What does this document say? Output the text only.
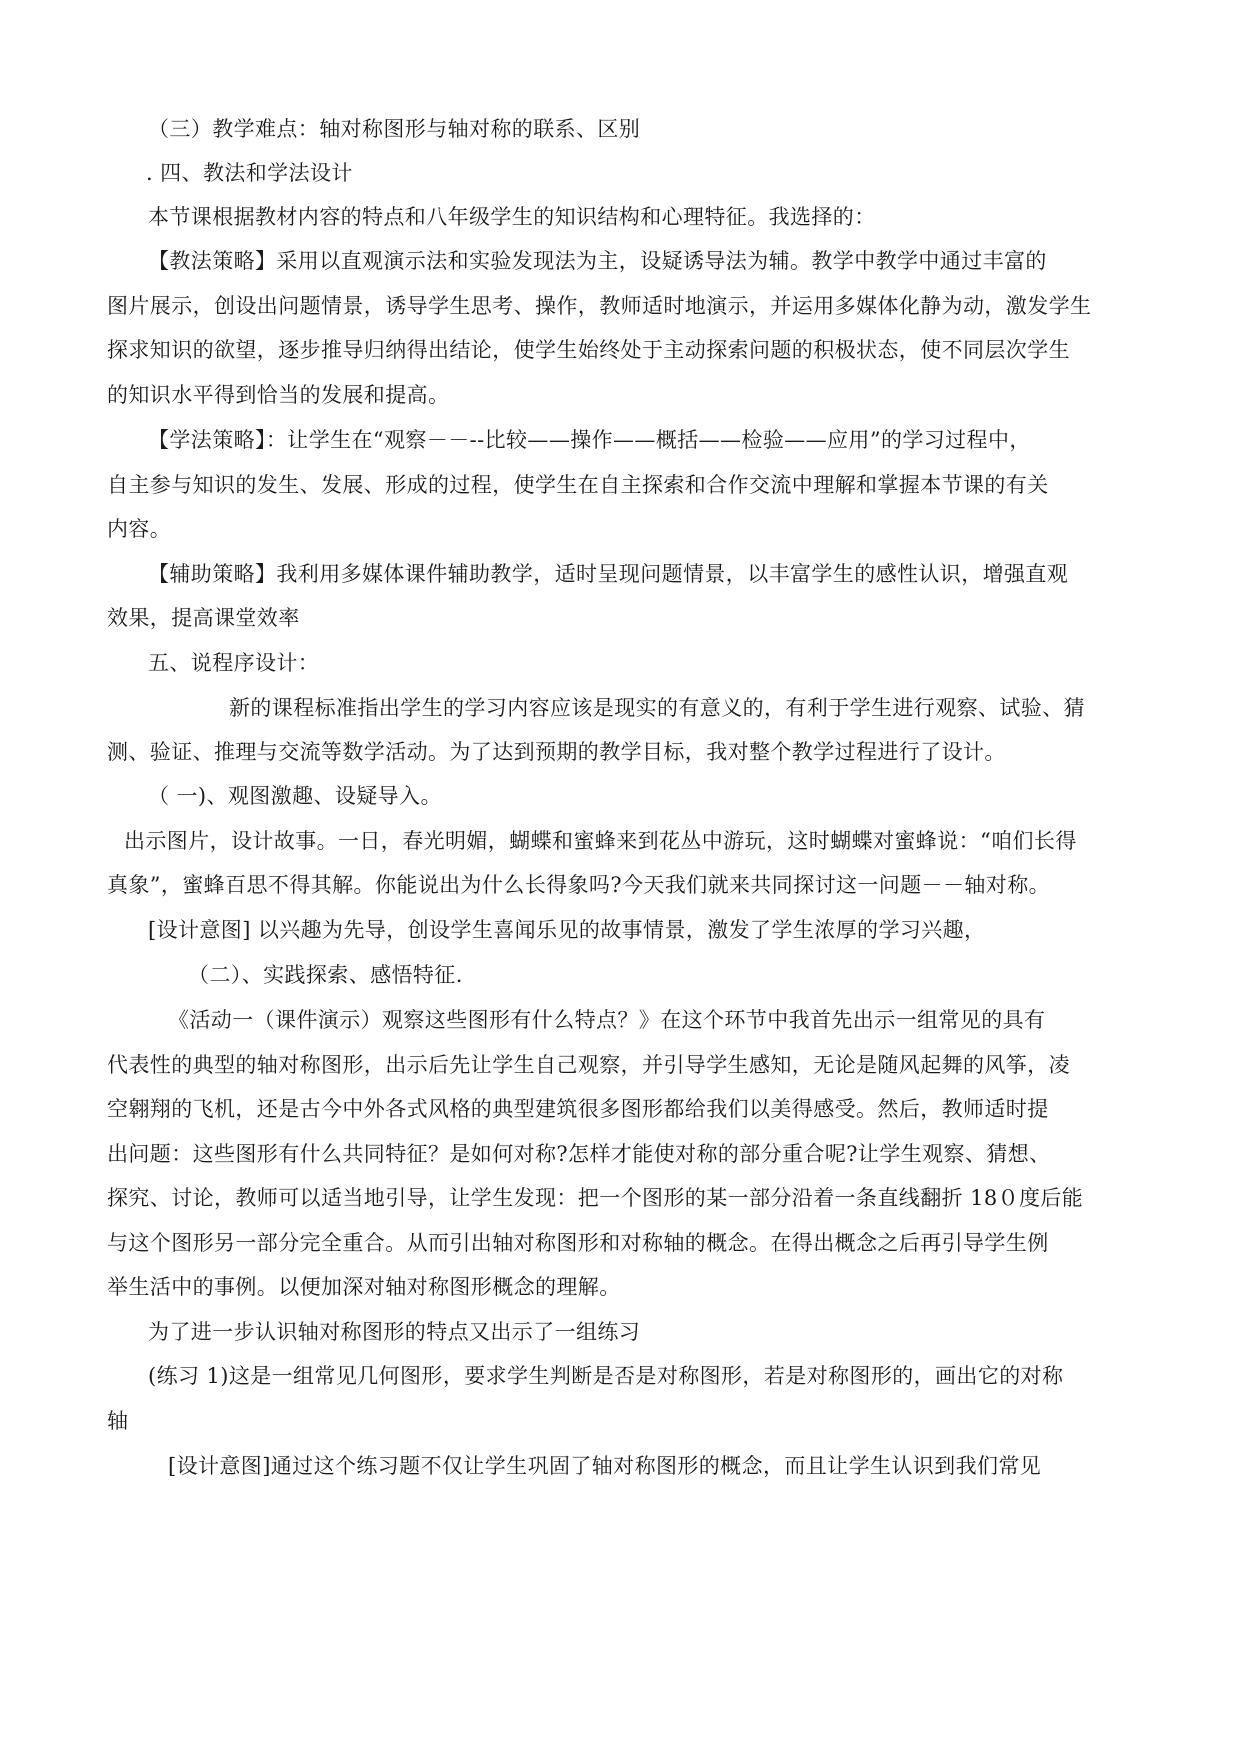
（三）教学难点：轴对称图形与轴对称的联系、区别
. 四、教法和学法设计
本节课根据教材内容的特点和八年级学生的知识结构和心理特征。我选择的：
【教法策略】采用以直观演示法和实验发现法为主，设疑诱导法为辅。教学中教学中通过丰富的
图片展示，创设出问题情景，诱导学生思考、操作，教师适时地演示，并运用多媒体化静为动，激发学生
探求知识的欲望，逐步推导归纳得出结论，使学生始终处于主动探索问题的积极状态，使不同层次学生
的知识水平得到恰当的发展和提高。
【学法策略】：让学生在“观察－－--比较——操作——概括——检验——应用”的学习过程中，
自主参与知识的发生、发展、形成的过程，使学生在自主探索和合作交流中理解和掌握本节课的有关
内容。
【辅助策略】我利用多媒体课件辅助教学，适时呈现问题情景，以丰富学生的感性认识，增强直观
效果，提高课堂效率
五、说程序设计：
新的课程标准指出学生的学习内容应该是现实的有意义的，有利于学生进行观察、试验、猜
测、验证、推理与交流等数学活动。为了达到预期的教学目标，我对整个教学过程进行了设计。
（ 一)、观图激趣、设疑导入。
出示图片，设计故事。一日，春光明媚，蝴蝶和蜜蜂来到花丛中游玩，这时蝴蝶对蜜蜂说：“咱们长得
真象”，蜜蜂百思不得其解。你能说出为什么长得象吗?今天我们就来共同探讨这一问题－－轴对称。
[设计意图] 以兴趣为先导，创设学生喜闻乐见的故事情景，激发了学生浓厚的学习兴趣，
（二）、实践探索、感悟特征.
《活动一（课件演示）观察这些图形有什么特点？》在这个环节中我首先出示一组常见的具有
代表性的典型的轴对称图形，出示后先让学生自己观察，并引导学生感知，无论是随风起舞的风筝，凌
空翱翔的飞机，还是古今中外各式风格的典型建筑很多图形都给我们以美得感受。然后，教师适时提
出问题：这些图形有什么共同特征？是如何对称?怎样才能使对称的部分重合呢?让学生观察、猜想、
探究、讨论，教师可以适当地引导，让学生发现：把一个图形的某一部分沿着一条直线翻折 18０度后能
与这个图形另一部分完全重合。从而引出轴对称图形和对称轴的概念。在得出概念之后再引导学生例
举生活中的事例。以便加深对轴对称图形概念的理解。
为了进一步认识轴对称图形的特点又出示了一组练习
(练习 1)这是一组常见几何图形，要求学生判断是否是对称图形，若是对称图形的，画出它的对称
轴
[设计意图]通过这个练习题不仅让学生巩固了轴对称图形的概念，而且让学生认识到我们常见
